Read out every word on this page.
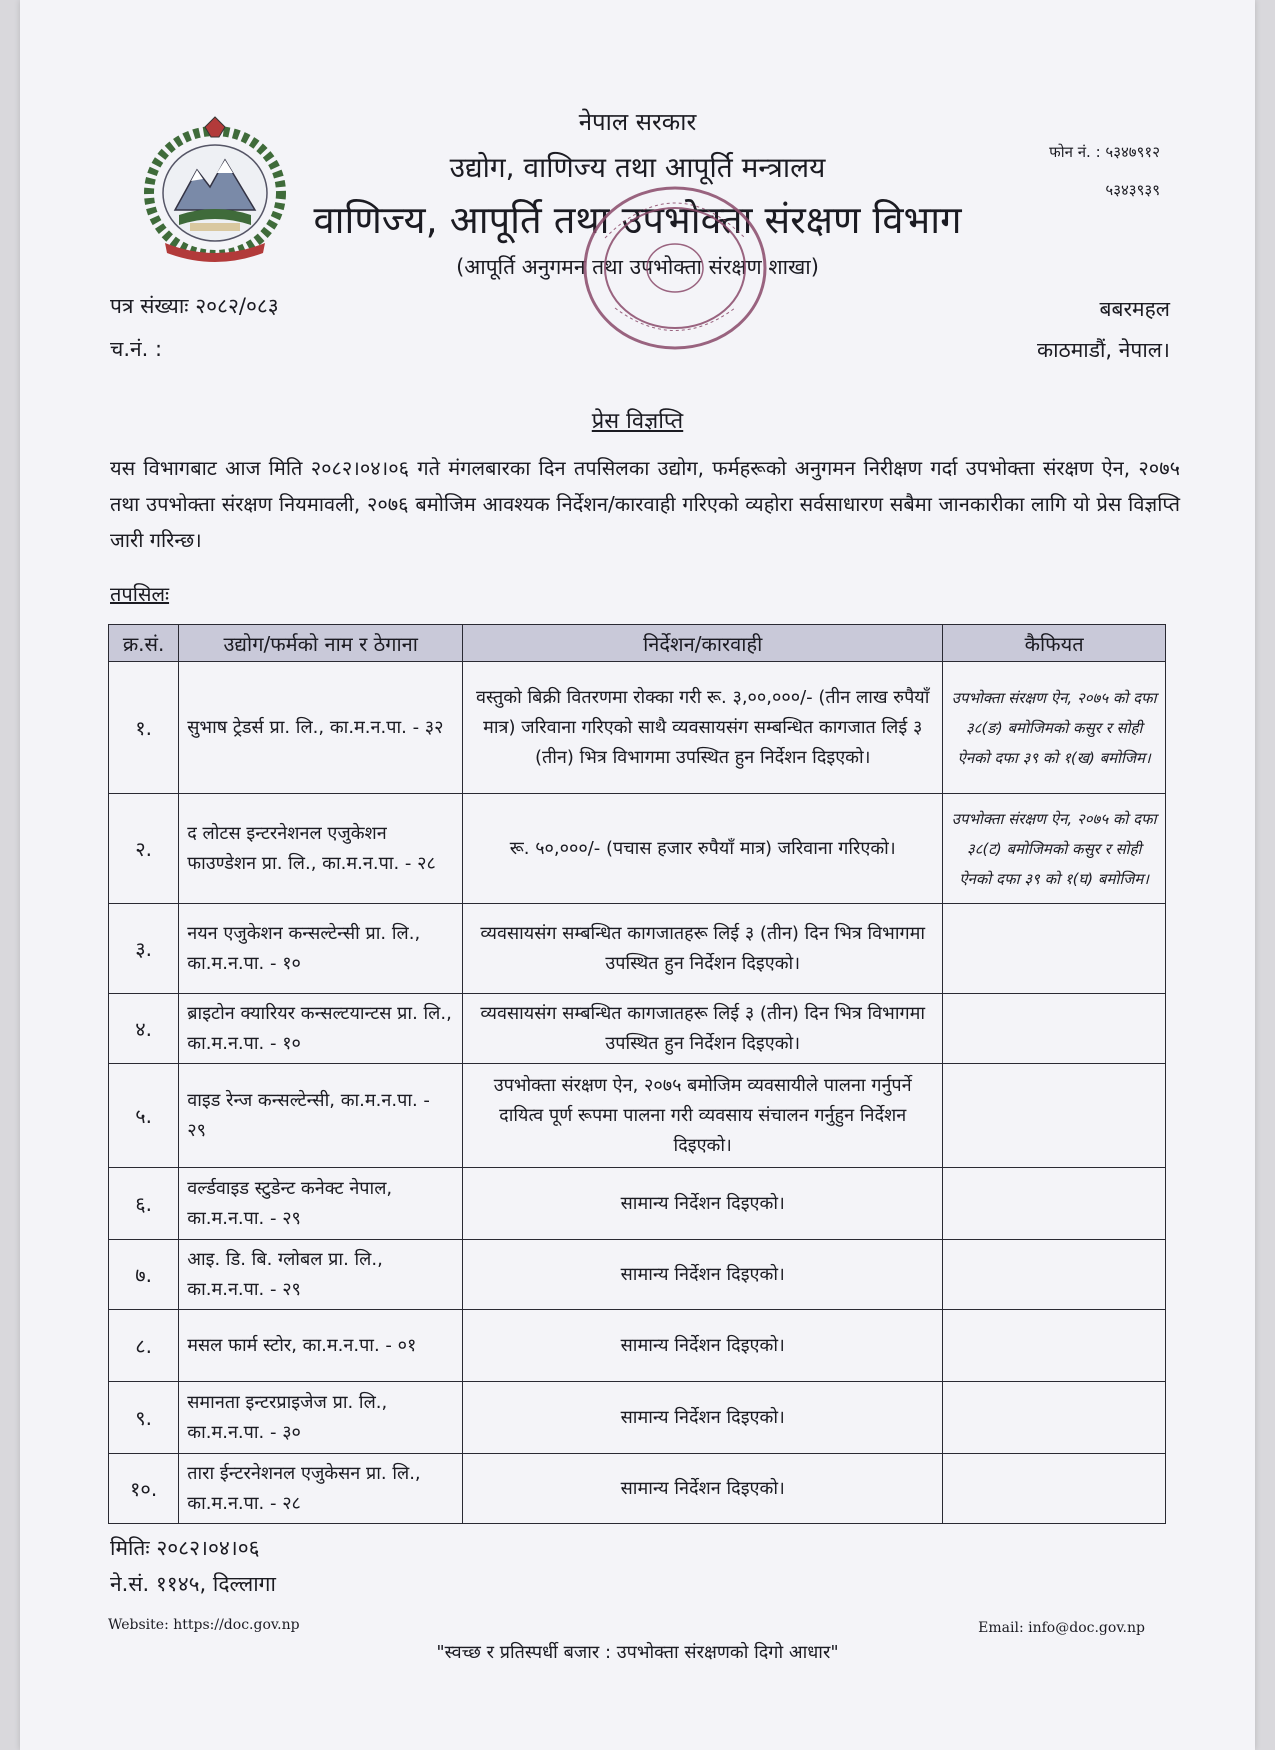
नेपाल सरकार
उद्योग, वाणिज्य तथा आपूर्ति मन्त्रालय
वाणिज्य, आपूर्ति तथा उपभोक्ता संरक्षण विभाग
(आपूर्ति अनुगमन तथा उपभोक्ता संरक्षण शाखा)
फोन नं. : ५३४७९१२
५३४३९३९
पत्र संख्याः २०८२/०८३
च.नं. :
बबरमहल
काठमाडौं, नेपाल।
प्रेस विज्ञप्ति
यस विभागबाट आज मिति २०८२।०४।०६ गते मंगलबारका दिन तपसिलका उद्योग, फर्महरूको अनुगमन निरीक्षण गर्दा उपभोक्ता संरक्षण ऐन, २०७५ तथा उपभोक्ता संरक्षण नियमावली, २०७६ बमोजिम आवश्यक निर्देशन/कारवाही गरिएको व्यहोरा सर्वसाधारण सबैमा जानकारीका लागि यो प्रेस विज्ञप्ति जारी गरिन्छ।
तपसिलः
क्र.सं.	उद्योग/फर्मको नाम र ठेगाना	निर्देशन/कारवाही	कैफियत
१.	सुभाष ट्रेडर्स प्रा. लि., का.म.न.पा. - ३२	वस्तुको बिक्री वितरणमा रोक्का गरी रू. ३,००,०००/- (तीन लाख रुपैयाँ मात्र) जरिवाना गरिएको साथै व्यवसायसंग सम्बन्धित कागजात लिई ३ (तीन) भित्र विभागमा उपस्थित हुन निर्देशन दिइएको।	उपभोक्ता संरक्षण ऐन, २०७५ को दफा ३८(ङ) बमोजिमको कसुर र सोही ऐनको दफा ३९ को १(ख) बमोजिम।
२.	द लोटस इन्टरनेशनल एजुकेशन फाउण्डेशन प्रा. लि., का.म.न.पा. - २८	रू. ५०,०००/- (पचास हजार रुपैयाँ मात्र) जरिवाना गरिएको।	उपभोक्ता संरक्षण ऐन, २०७५ को दफा ३८(ट) बमोजिमको कसुर र सोही ऐनको दफा ३९ को १(घ) बमोजिम।
३.	नयन एजुकेशन कन्सल्टेन्सी प्रा. लि., का.म.न.पा. - १०	व्यवसायसंग सम्बन्धित कागजातहरू लिई ३ (तीन) दिन भित्र विभागमा उपस्थित हुन निर्देशन दिइएको।	
४.	ब्राइटोन क्यारियर कन्सल्टयान्टस प्रा. लि., का.म.न.पा. - १०	व्यवसायसंग सम्बन्धित कागजातहरू लिई ३ (तीन) दिन भित्र विभागमा उपस्थित हुन निर्देशन दिइएको।	
५.	वाइड रेन्ज कन्सल्टेन्सी, का.म.न.पा. - २९	उपभोक्ता संरक्षण ऐन, २०७५ बमोजिम व्यवसायीले पालना गर्नुपर्ने दायित्व पूर्ण रूपमा पालना गरी व्यवसाय संचालन गर्नुहुन निर्देशन दिइएको।	
६.	वर्ल्डवाइड स्टुडेन्ट कनेक्ट नेपाल, का.म.न.पा. - २९	सामान्य निर्देशन दिइएको।	
७.	आइ. डि. बि. ग्लोबल प्रा. लि., का.म.न.पा. - २९	सामान्य निर्देशन दिइएको।	
८.	मसल फार्म स्टोर, का.म.न.पा. - ०१	सामान्य निर्देशन दिइएको।	
९.	समानता इन्टरप्राइजेज प्रा. लि., का.म.न.पा. - ३०	सामान्य निर्देशन दिइएको।	
१०.	तारा ईन्टरनेशनल एजुकेसन प्रा. लि., का.म.न.पा. - २८	सामान्य निर्देशन दिइएको।	
मितिः २०८२।०४।०६
ने.सं. ११४५, दिल्लागा
Website: https://doc.gov.np	Email: info@doc.gov.np
"स्वच्छ र प्रतिस्पर्धी बजार : उपभोक्ता संरक्षणको दिगो आधार"
